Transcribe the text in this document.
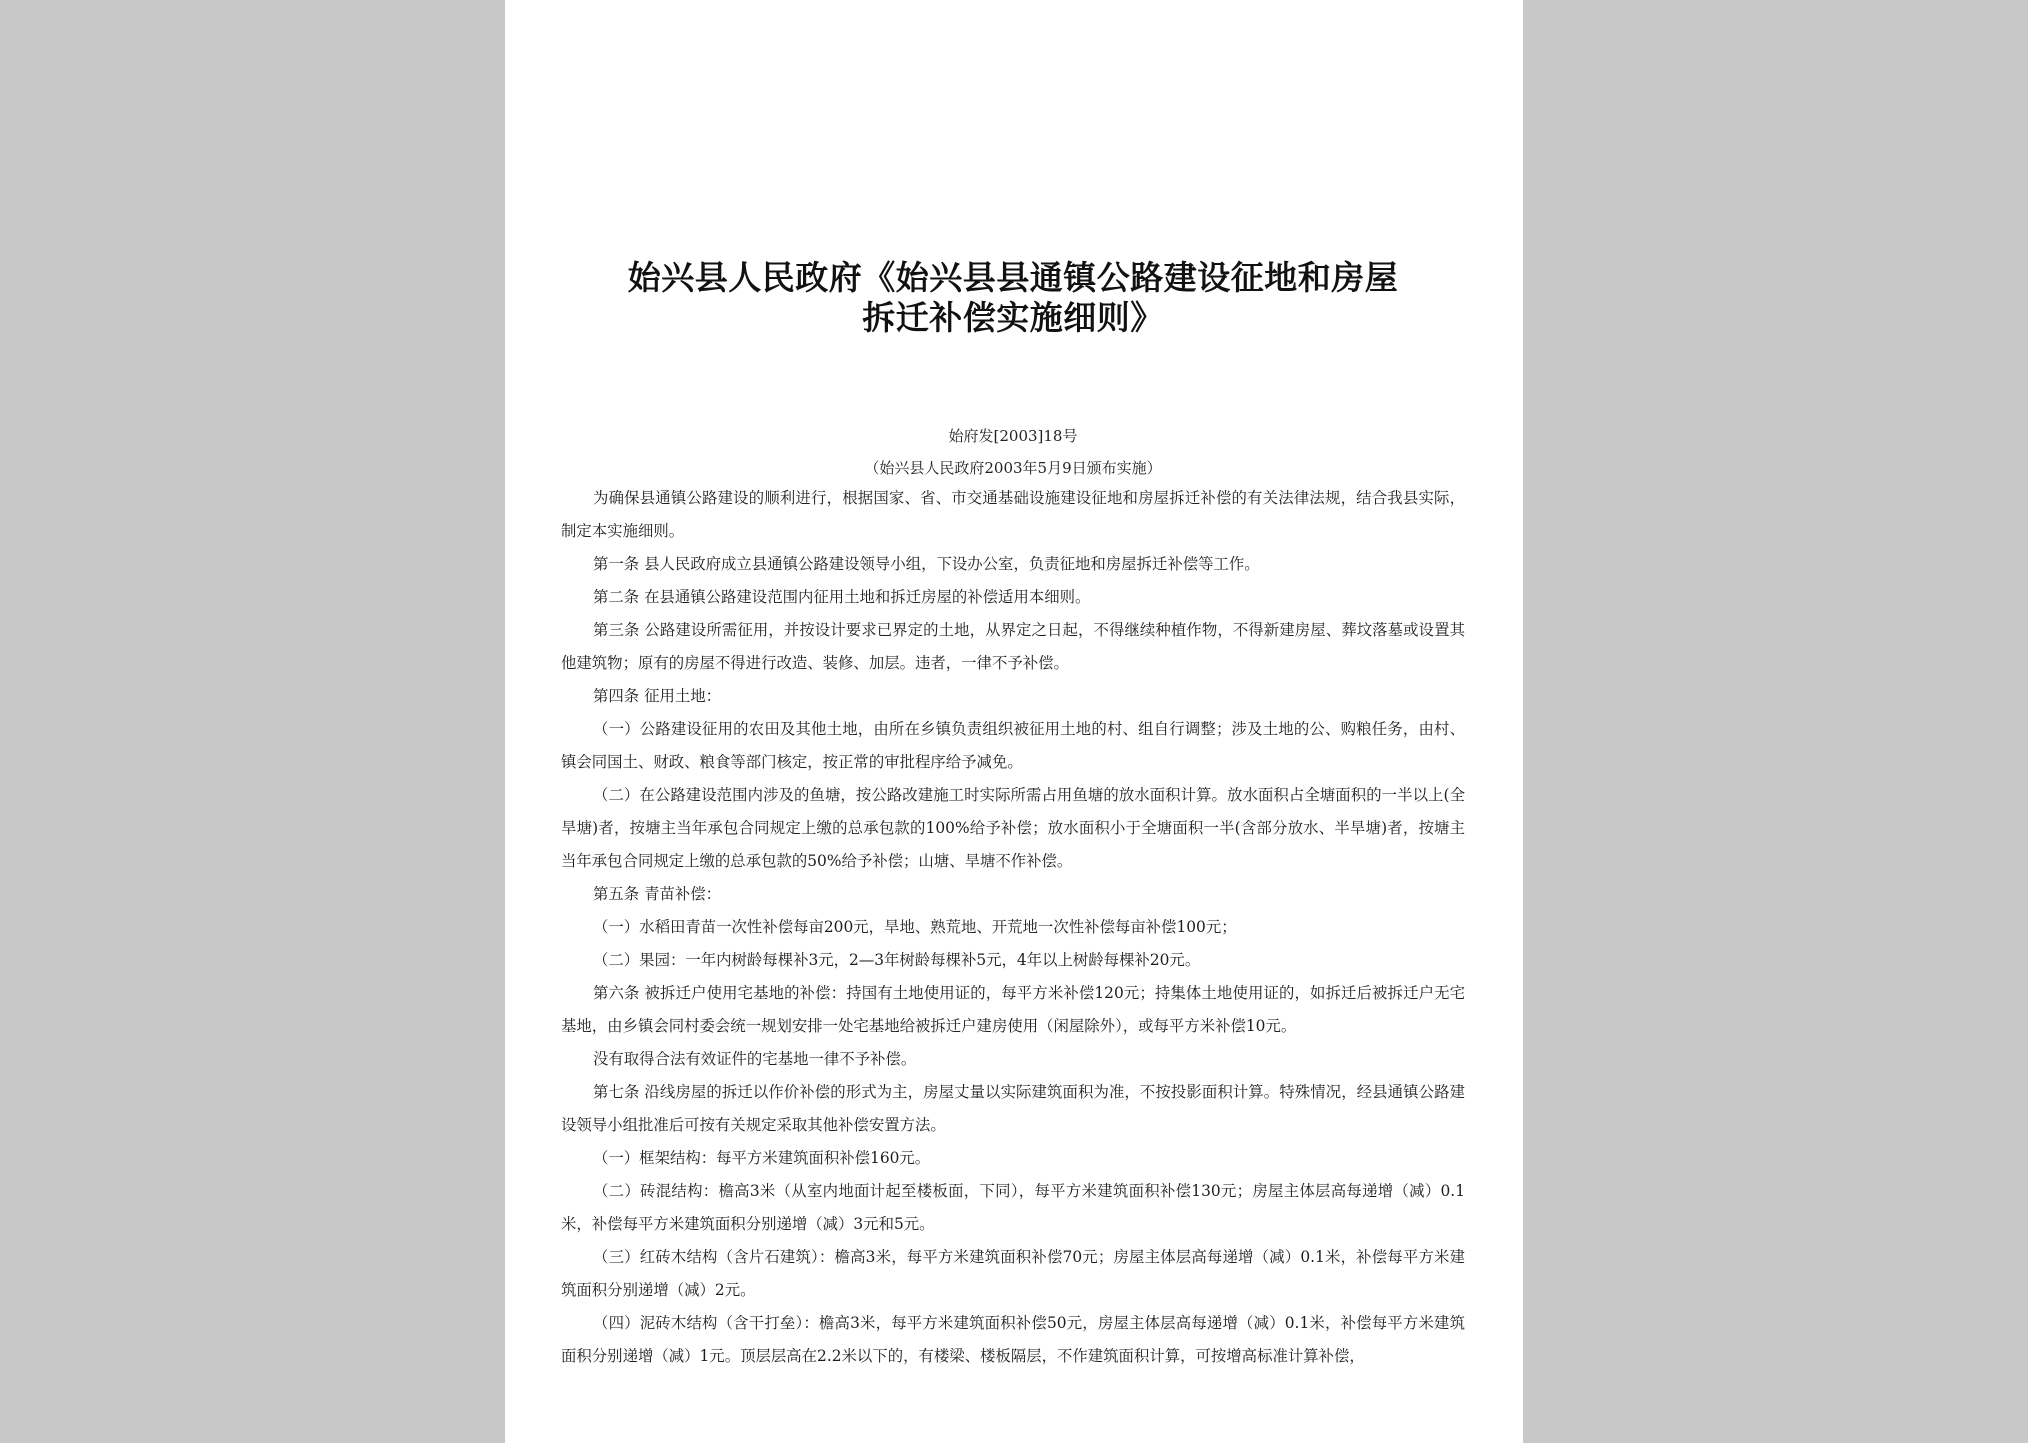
始兴县人民政府《始兴县县通镇公路建设征地和房屋
拆迁补偿实施细则》
始府发[2003]18号
（始兴县人民政府2003年5月9日颁布实施）

为确保县通镇公路建设的顺利进行，根据国家、省、市交通基础设施建设征地和房屋拆迁补偿的有关法律法规，结合我县实际，制定本实施细则。

第一条 县人民政府成立县通镇公路建设领导小组，下设办公室，负责征地和房屋拆迁补偿等工作。

第二条 在县通镇公路建设范围内征用土地和拆迁房屋的补偿适用本细则。

第三条 公路建设所需征用，并按设计要求已界定的土地，从界定之日起，不得继续种植作物，不得新建房屋、葬坟落墓或设置其他建筑物；原有的房屋不得进行改造、装修、加层。违者，一律不予补偿。

第四条 征用土地：

（一）公路建设征用的农田及其他土地，由所在乡镇负责组织被征用土地的村、组自行调整；涉及土地的公、购粮任务，由村、镇会同国土、财政、粮食等部门核定，按正常的审批程序给予减免。

（二）在公路建设范围内涉及的鱼塘，按公路改建施工时实际所需占用鱼塘的放水面积计算。放水面积占全塘面积的一半以上(全旱塘)者，按塘主当年承包合同规定上缴的总承包款的100%给予补偿；放水面积小于全塘面积一半(含部分放水、半旱塘)者，按塘主当年承包合同规定上缴的总承包款的50%给予补偿；山塘、旱塘不作补偿。

第五条 青苗补偿：

（一）水稻田青苗一次性补偿每亩200元，旱地、熟荒地、开荒地一次性补偿每亩补偿100元；

（二）果园：一年内树龄每棵补3元，2—3年树龄每棵补5元，4年以上树龄每棵补20元。

第六条 被拆迁户使用宅基地的补偿：持国有土地使用证的，每平方米补偿120元；持集体土地使用证的，如拆迁后被拆迁户无宅基地，由乡镇会同村委会统一规划安排一处宅基地给被拆迁户建房使用（闲屋除外），或每平方米补偿10元。

没有取得合法有效证件的宅基地一律不予补偿。

第七条 沿线房屋的拆迁以作价补偿的形式为主，房屋丈量以实际建筑面积为准，不按投影面积计算。特殊情况，经县通镇公路建设领导小组批准后可按有关规定采取其他补偿安置方法。

（一）框架结构：每平方米建筑面积补偿160元。

（二）砖混结构：檐高3米（从室内地面计起至楼板面，下同），每平方米建筑面积补偿130元；房屋主体层高每递增（减）0.1米，补偿每平方米建筑面积分别递增（减）3元和5元。

（三）红砖木结构（含片石建筑）：檐高3米，每平方米建筑面积补偿70元；房屋主体层高每递增（减）0.1米，补偿每平方米建筑面积分别递增（减）2元。

（四）泥砖木结构（含干打垒）：檐高3米，每平方米建筑面积补偿50元，房屋主体层高每递增（减）0.1米，补偿每平方米建筑面积分别递增（减）1元。顶层层高在2.2米以下的，有楼梁、楼板隔层，不作建筑面积计算，可按增高标准计算补偿，
